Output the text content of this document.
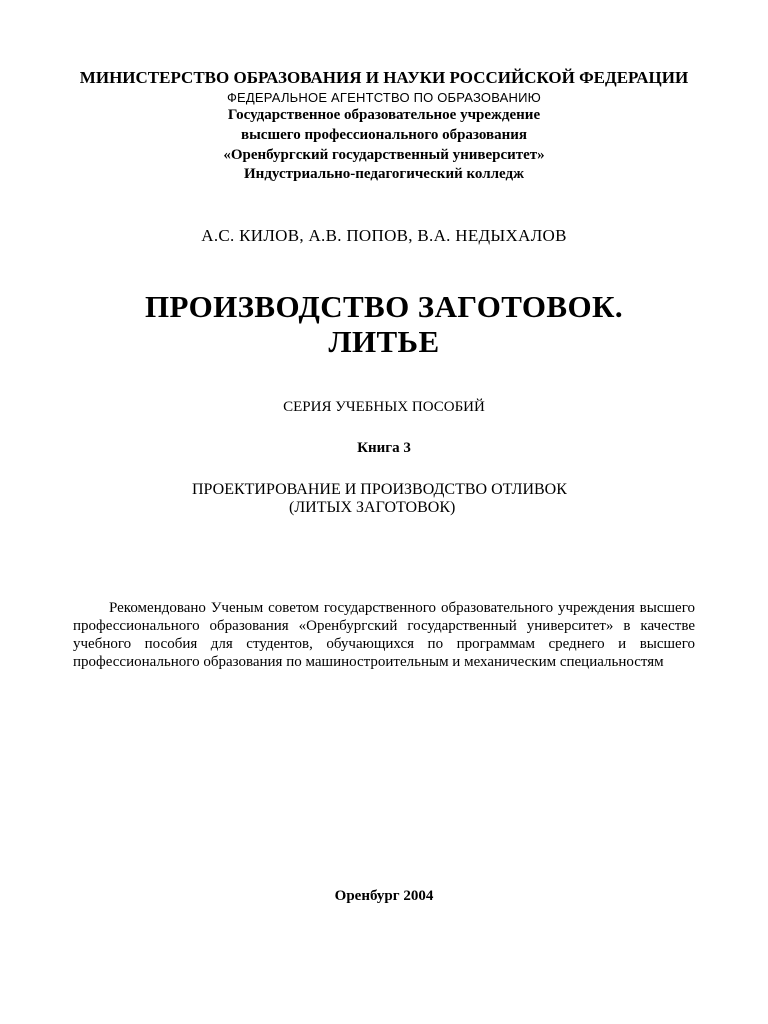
МИНИСТЕРСТВО ОБРАЗОВАНИЯ И НАУКИ РОССИЙСКОЙ ФЕДЕРАЦИИ
ФЕДЕРАЛЬНОЕ АГЕНТСТВО ПО ОБРАЗОВАНИЮ
Государственное образовательное учреждение
высшего профессионального образования
«Оренбургский государственный университет»
Индустриально-педагогический колледж
А.С. КИЛОВ, А.В. ПОПОВ, В.А. НЕДЫХАЛОВ
ПРОИЗВОДСТВО ЗАГОТОВОК.
ЛИТЬЕ
СЕРИЯ УЧЕБНЫХ ПОСОБИЙ
Книга 3
ПРОЕКТИРОВАНИЕ И ПРОИЗВОДСТВО ОТЛИВОК
(ЛИТЫХ ЗАГОТОВОК)
Рекомендовано Ученым советом государственного образовательного учреждения высшего профессионального образования «Оренбургский государственный университет» в качестве учебного пособия для студентов, обучающихся по программам среднего и высшего профессионального образования по машиностроительным и механическим специальностям
Оренбург 2004
